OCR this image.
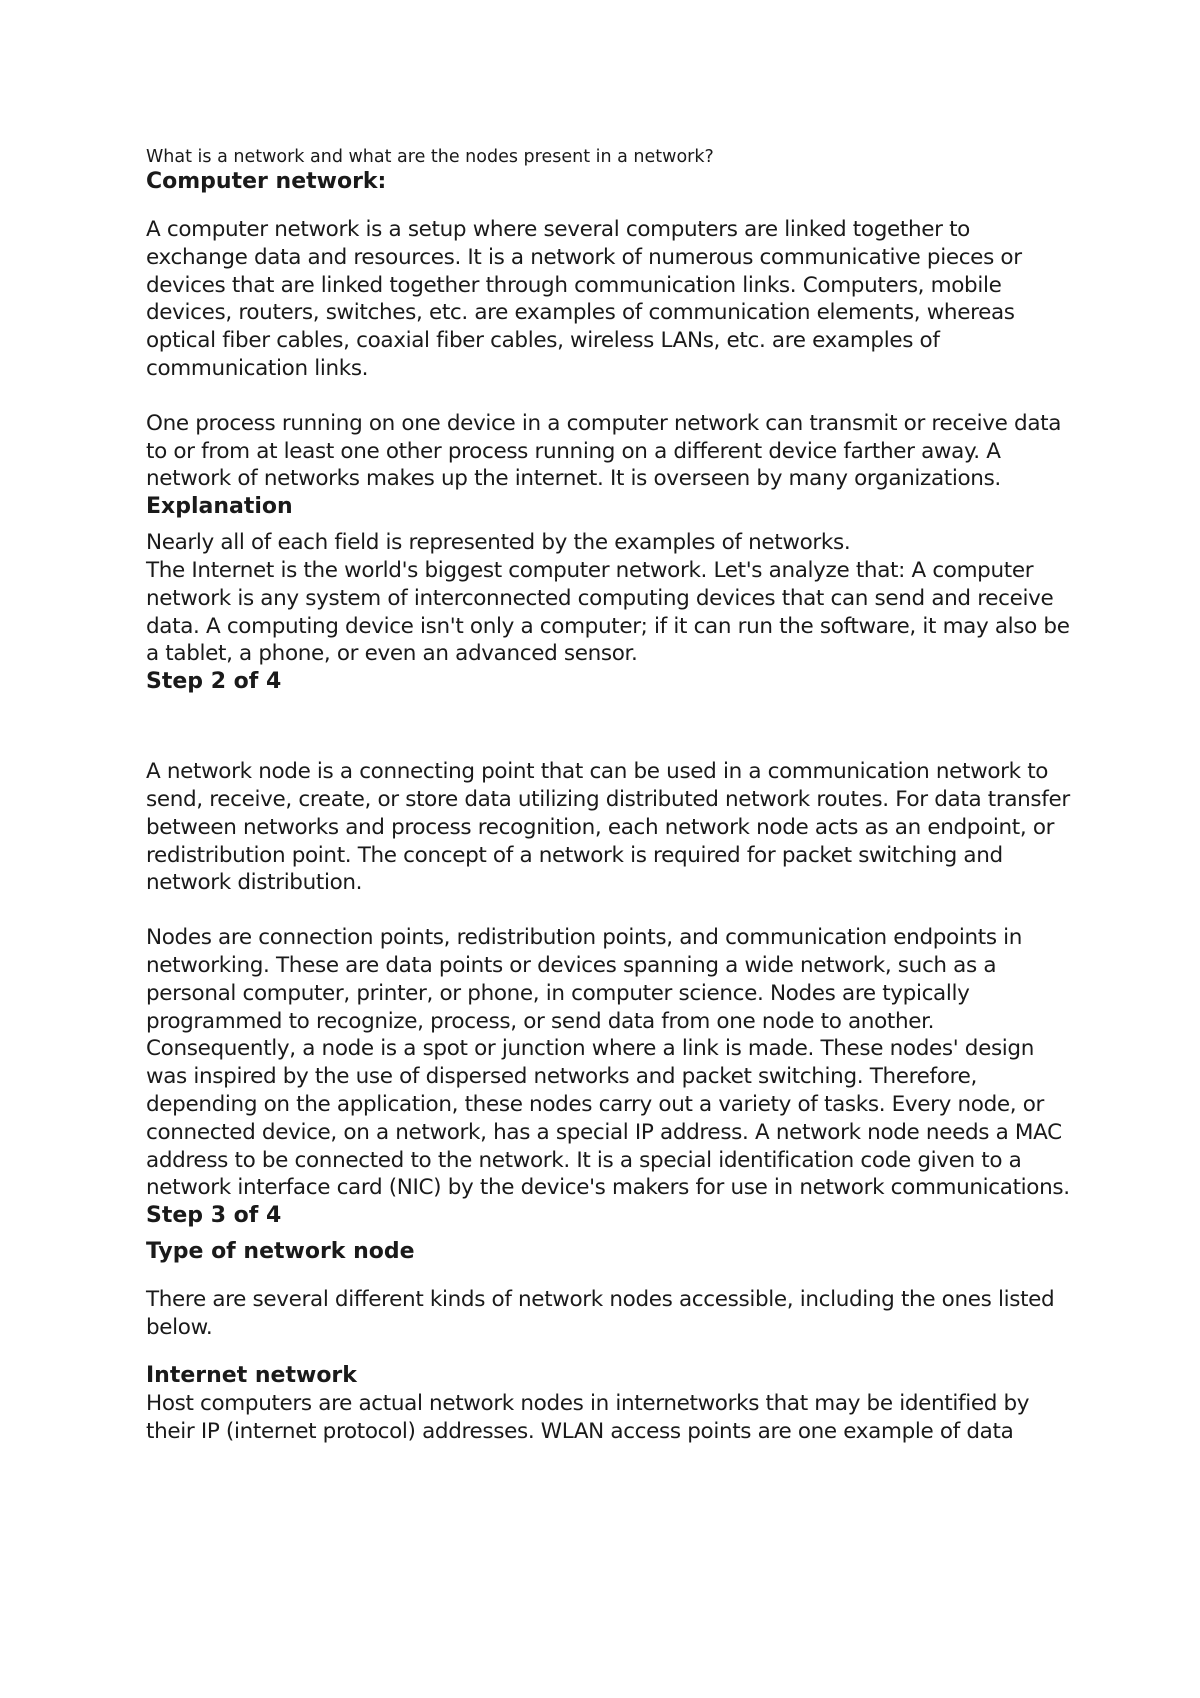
What is a network and what are the nodes present in a network?

Computer network:

A computer network is a setup where several computers are linked together to exchange data and resources. It is a network of numerous communicative pieces or devices that are linked together through communication links. Computers, mobile devices, routers, switches, etc. are examples of communication elements, whereas optical fiber cables, coaxial fiber cables, wireless LANs, etc. are examples of communication links.

One process running on one device in a computer network can transmit or receive data to or from at least one other process running on a different device farther away. A network of networks makes up the internet. It is overseen by many organizations.

Explanation

Nearly all of each field is represented by the examples of networks.

The Internet is the world's biggest computer network. Let's analyze that: A computer network is any system of interconnected computing devices that can send and receive data. A computing device isn't only a computer; if it can run the software, it may also be a tablet, a phone, or even an advanced sensor.

Step 2 of 4

A network node is a connecting point that can be used in a communication network to send, receive, create, or store data utilizing distributed network routes. For data transfer between networks and process recognition, each network node acts as an endpoint, or redistribution point. The concept of a network is required for packet switching and network distribution.

Nodes are connection points, redistribution points, and communication endpoints in networking. These are data points or devices spanning a wide network, such as a personal computer, printer, or phone, in computer science. Nodes are typically programmed to recognize, process, or send data from one node to another. Consequently, a node is a spot or junction where a link is made. These nodes' design was inspired by the use of dispersed networks and packet switching. Therefore, depending on the application, these nodes carry out a variety of tasks. Every node, or connected device, on a network, has a special IP address. A network node needs a MAC address to be connected to the network. It is a special identification code given to a network interface card (NIC) by the device's makers for use in network communications.

Step 3 of 4
Type of network node

There are several different kinds of network nodes accessible, including the ones listed below.

Internet network

Host computers are actual network nodes in internetworks that may be identified by their IP (internet protocol) addresses. WLAN access points are one example of data
